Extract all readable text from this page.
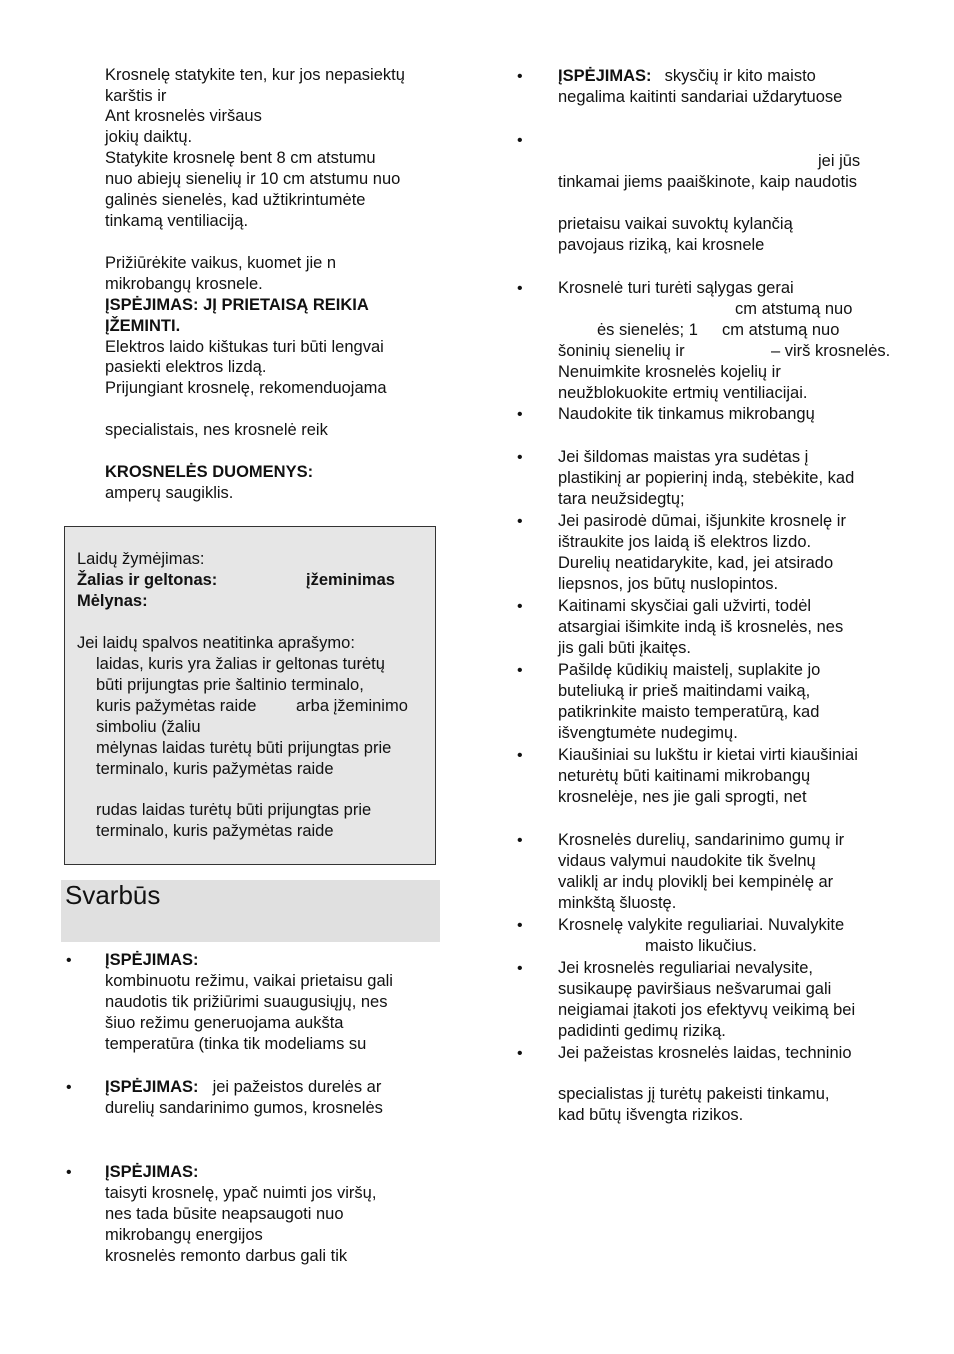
Krosnelę statykite ten, kur jos nepasiektų
karštis ir
Ant krosnelės viršaus
jokių daiktų.
Statykite krosnelę bent 8 cm atstumu
nuo abiejų sienelių ir 10 cm atstumu nuo
galinės sienelės, kad užtikrintumėte
tinkamą ventiliaciją.
Prižiūrėkite vaikus, kuomet jie n
mikrobangų krosnele.
ĮSPĖJIMAS: JĮ PRIETAISĄ REIKIA
ĮŽEMINTI.
Elektros laido kištukas turi būti lengvai
pasiekti elektros lizdą.
Prijungiant krosnelę, rekomenduojama
specialistais, nes krosnelė reik
KROSNELĖS DUOMENYS:
amperų saugiklis.
Laidų žymėjimas:
Žalias ir geltonas:	įžeminimas
Mėlynas:
Jei laidų spalvos neatitinka aprašymo:
laidas, kuris yra žalias ir geltonas turėtų
būti prijungtas prie šaltinio terminalo,
kuris pažymėtas raide arba įžeminimo
simboliu (žaliu
mėlynas laidas turėtų būti prijungtas prie
terminalo, kuris pažymėtas raide
rudas laidas turėtų būti prijungtas prie
terminalo, kuris pažymėtas raide
Svarbūs
• ĮSPĖJIMAS:
kombinuotu režimu, vaikai prietaisu gali
naudotis tik prižiūrimi suaugusiųjų, nes
šiuo režimu generuojama aukšta
temperatūra (tinka tik modeliams su
• ĮSPĖJIMAS: jei pažeistos durelės ar
durelių sandarinimo gumos, krosnelės
• ĮSPĖJIMAS:
taisyti krosnelę, ypač nuimti jos viršų,
nes tada būsite neapsaugoti nuo
mikrobangų energijos
krosnelės remonto darbus gali tik
• ĮSPĖJIMAS: skysčių ir kito maisto
negalima kaitinti sandariai uždarytuose
•
jei jūs
tinkamai jiems paaiškinote, kaip naudotis
prietaisu vaikai suvoktų kylančią
pavojaus riziką, kai krosnele
• Krosnelė turi turėti sąlygas gerai
cm atstumą nuo
ės sienelės; 1 cm atstumą nuo
šoninių sienelių ir	– virš krosnelės.
Nenuimkite krosnelės kojelių ir
neužblokuokite ertmių ventiliacijai.
• Naudokite tik tinkamus mikrobangų
• Jei šildomas maistas yra sudėtas į
plastikinį ar popierinį indą, stebėkite, kad
tara neužsidegtų;
• Jei pasirodė dūmai, išjunkite krosnelę ir
ištraukite jos laidą iš elektros lizdo.
Durelių neatidarykite, kad, jei atsirado
liepsnos, jos būtų nuslopintos.
• Kaitinami skysčiai gali užvirti, todėl
atsargiai išimkite indą iš krosnelės, nes
jis gali būti įkaitęs.
• Pašildę kūdikių maistelį, suplakite jo
buteliuką ir prieš maitindami vaiką,
patikrinkite maisto temperatūrą, kad
išvengtumėte nudegimų.
• Kiaušiniai su lukštu ir kietai virti kiaušiniai
neturėtų būti kaitinami mikrobangų
krosnelėje, nes jie gali sprogti, net
• Krosnelės durelių, sandarinimo gumų ir
vidaus valymui naudokite tik švelnų
valiklį ar indų ploviklį bei kempinėlę ar
minkštą šluostę.
• Krosnelę valykite reguliariai. Nuvalykite
maisto likučius.
• Jei krosnelės reguliariai nevalysite,
susikaupę paviršiaus nešvarumai gali
neigiamai įtakoti jos efektyvų veikimą bei
padidinti gedimų riziką.
• Jei pažeistas krosnelės laidas, techninio
specialistas jį turėtų pakeisti tinkamu,
kad būtų išvengta rizikos.
